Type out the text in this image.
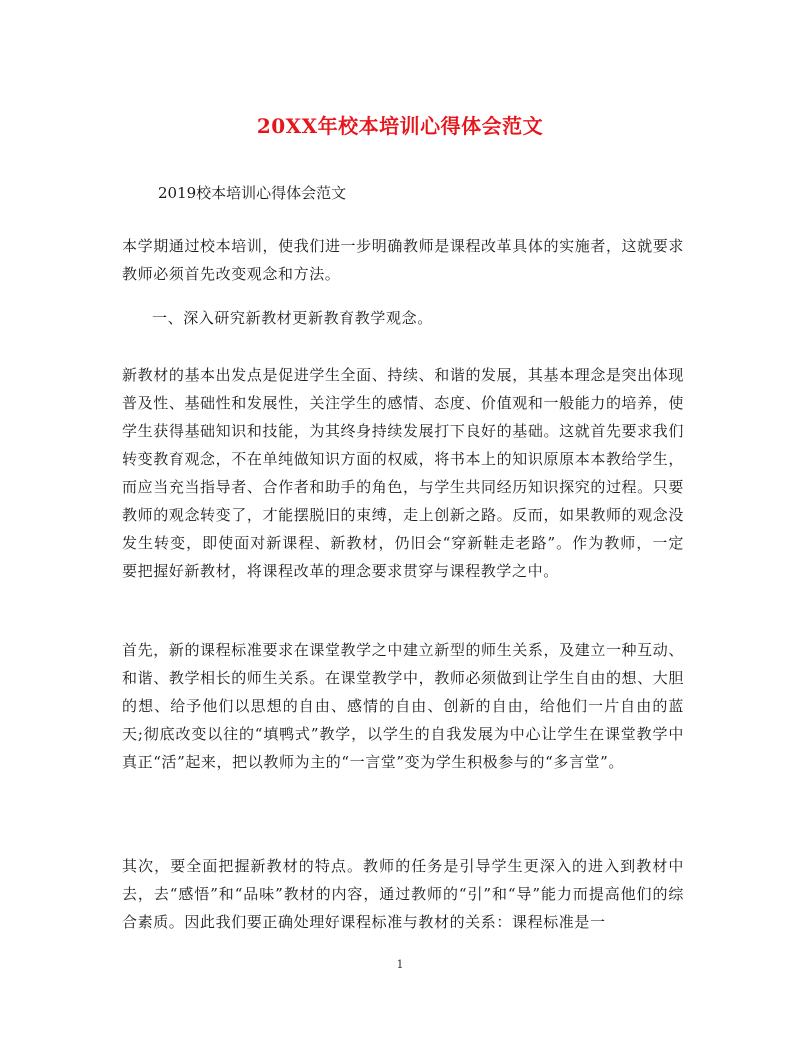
20XX年校本培训心得体会范文
2019校本培训心得体会范文
本学期通过校本培训，使我们进一步明确教师是课程改革具体的实施者，这就要求教师必须首先改变观念和方法。
一、深入研究新教材更新教育教学观念。
新教材的基本出发点是促进学生全面、持续、和谐的发展，其基本理念是突出体现普及性、基础性和发展性，关注学生的感情、态度、价值观和一般能力的培养，使学生获得基础知识和技能，为其终身持续发展打下良好的基础。这就首先要求我们转变教育观念，不在单纯做知识方面的权威，将书本上的知识原原本本教给学生，而应当充当指导者、合作者和助手的角色，与学生共同经历知识探究的过程。只要教师的观念转变了，才能摆脱旧的束缚，走上创新之路。反而，如果教师的观念没发生转变，即使面对新课程、新教材，仍旧会“穿新鞋走老路”。作为教师，一定要把握好新教材，将课程改革的理念要求贯穿与课程教学之中。
首先，新的课程标准要求在课堂教学之中建立新型的师生关系，及建立一种互动、和谐、教学相长的师生关系。在课堂教学中，教师必须做到让学生自由的想、大胆的想、给予他们以思想的自由、感情的自由、创新的自由，给他们一片自由的蓝天;彻底改变以往的“填鸭式”教学，以学生的自我发展为中心让学生在课堂教学中真正“活”起来，把以教师为主的“一言堂”变为学生积极参与的“多言堂”。
其次，要全面把握新教材的特点。教师的任务是引导学生更深入的进入到教材中去，去“感悟”和“品味”教材的内容，通过教师的“引”和“导”能力而提高他们的综合素质。因此我们要正确处理好课程标准与教材的关系：课程标准是一
1
